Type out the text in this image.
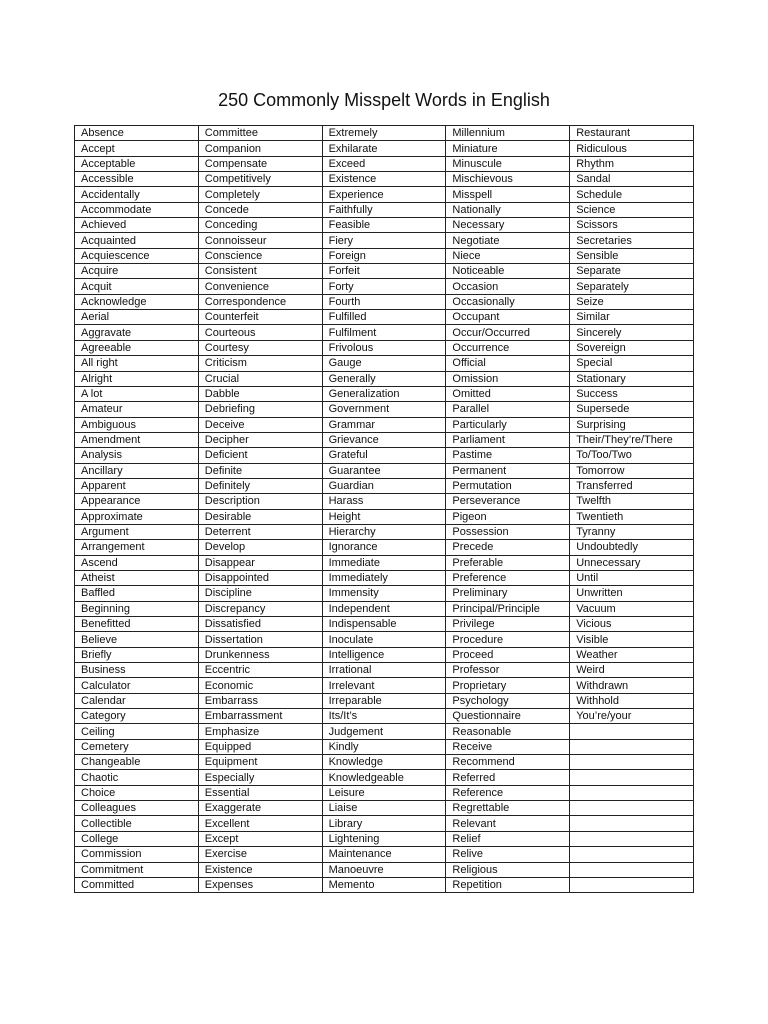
250 Commonly Misspelt Words in English
Absence	Committee	Extremely	Millennium	Restaurant
Accept	Companion	Exhilarate	Miniature	Ridiculous
Acceptable	Compensate	Exceed	Minuscule	Rhythm
Accessible	Competitively	Existence	Mischievous	Sandal
Accidentally	Completely	Experience	Misspell	Schedule
Accommodate	Concede	Faithfully	Nationally	Science
Achieved	Conceding	Feasible	Necessary	Scissors
Acquainted	Connoisseur	Fiery	Negotiate	Secretaries
Acquiescence	Conscience	Foreign	Niece	Sensible
Acquire	Consistent	Forfeit	Noticeable	Separate
Acquit	Convenience	Forty	Occasion	Separately
Acknowledge	Correspondence	Fourth	Occasionally	Seize
Aerial	Counterfeit	Fulfilled	Occupant	Similar
Aggravate	Courteous	Fulfilment	Occur/Occurred	Sincerely
Agreeable	Courtesy	Frivolous	Occurrence	Sovereign
All right	Criticism	Gauge	Official	Special
Alright	Crucial	Generally	Omission	Stationary
A lot	Dabble	Generalization	Omitted	Success
Amateur	Debriefing	Government	Parallel	Supersede
Ambiguous	Deceive	Grammar	Particularly	Surprising
Amendment	Decipher	Grievance	Parliament	Their/They’re/There
Analysis	Deficient	Grateful	Pastime	To/Too/Two
Ancillary	Definite	Guarantee	Permanent	Tomorrow
Apparent	Definitely	Guardian	Permutation	Transferred
Appearance	Description	Harass	Perseverance	Twelfth
Approximate	Desirable	Height	Pigeon	Twentieth
Argument	Deterrent	Hierarchy	Possession	Tyranny
Arrangement	Develop	Ignorance	Precede	Undoubtedly
Ascend	Disappear	Immediate	Preferable	Unnecessary
Atheist	Disappointed	Immediately	Preference	Until
Baffled	Discipline	Immensity	Preliminary	Unwritten
Beginning	Discrepancy	Independent	Principal/Principle	Vacuum
Benefitted	Dissatisfied	Indispensable	Privilege	Vicious
Believe	Dissertation	Inoculate	Procedure	Visible
Briefly	Drunkenness	Intelligence	Proceed	Weather
Business	Eccentric	Irrational	Professor	Weird
Calculator	Economic	Irrelevant	Proprietary	Withdrawn
Calendar	Embarrass	Irreparable	Psychology	Withhold
Category	Embarrassment	Its/It’s	Questionnaire	You’re/your
Ceiling	Emphasize	Judgement	Reasonable	
Cemetery	Equipped	Kindly	Receive	
Changeable	Equipment	Knowledge	Recommend	
Chaotic	Especially	Knowledgeable	Referred	
Choice	Essential	Leisure	Reference	
Colleagues	Exaggerate	Liaise	Regrettable	
Collectible	Excellent	Library	Relevant	
College	Except	Lightening	Relief	
Commission	Exercise	Maintenance	Relive	
Commitment	Existence	Manoeuvre	Religious	
Committed	Expenses	Memento	Repetition	
